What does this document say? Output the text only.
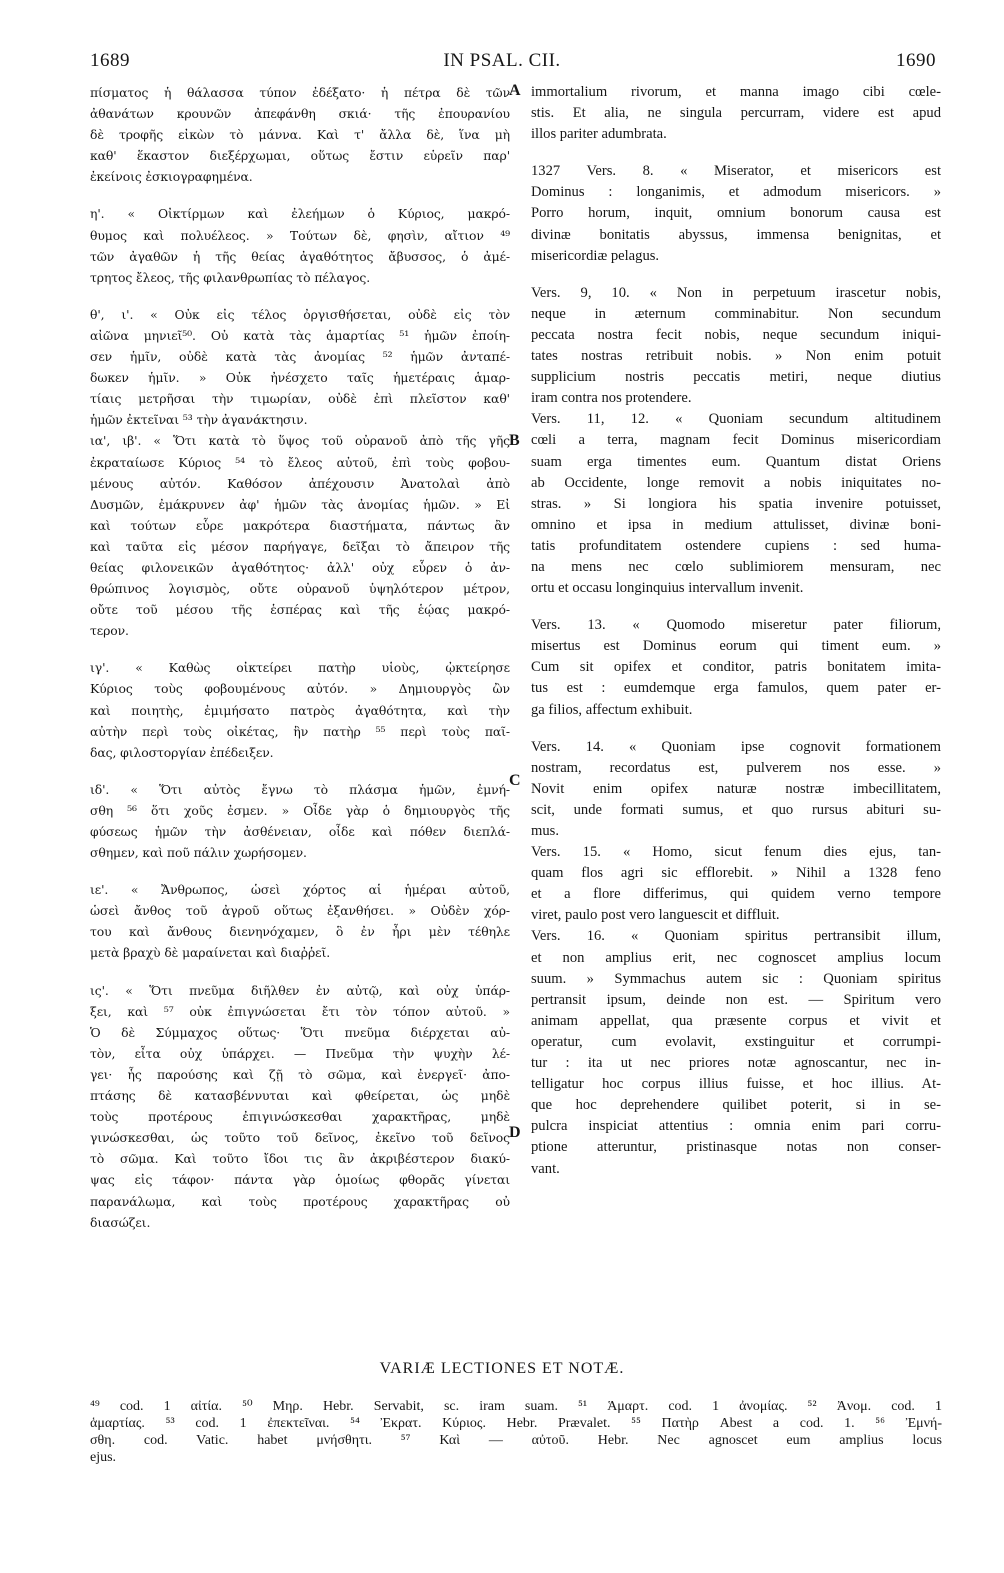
1689	IN PSAL. CII.	1690
πίσματος ἡ θάλασσα τύπον ἐδέξατο· ἡ πέτρα δὲ τῶν
ἀθανάτων κρουνῶν ἀπεφάνθη σκιά· τῆς ἐπουρανίου
δὲ τροφῆς εἰκὼν τὸ μάννα. Καὶ τ' ἄλλα δὲ, ἵνα μὴ
καθ' ἕκαστον διεξέρχωμαι, οὕτως ἔστιν εὑρεῖν παρ'
ἐκείνοις ἐσκιογραφημένα.
η'. « Οἰκτίρμων καὶ ἐλεήμων ὁ Κύριος, μακρό-
θυμος καὶ πολυέλεος. » Τούτων δὲ, φησὶν, αἴτιον ⁴⁹
τῶν ἀγαθῶν ἡ τῆς θείας ἀγαθότητος ἄβυσσος, ὁ ἀμέ-
τρητος ἔλεος, τῆς φιλανθρωπίας τὸ πέλαγος.
θ', ι'. « Οὐκ εἰς τέλος ὀργισθήσεται, οὐδὲ εἰς τὸν
αἰῶνα μηνιεῖ⁵⁰. Οὐ κατὰ τὰς ἁμαρτίας ⁵¹ ἡμῶν ἐποίη-
σεν ἡμῖν, οὐδὲ κατὰ τὰς ἀνομίας ⁵² ἡμῶν ἀνταπέ-
δωκεν ἡμῖν. » Οὐκ ἠνέσχετο ταῖς ἡμετέραις ἁμαρ-
τίαις μετρῆσαι τὴν τιμωρίαν, οὐδὲ ἐπὶ πλεῖστον καθ'
ἡμῶν ἐκτεῖναι ⁵³ τὴν ἀγανάκτησιν.
ια', ιβ'. « Ὅτι κατὰ τὸ ὕψος τοῦ οὐρανοῦ ἀπὸ τῆς γῆς
ἐκραταίωσε Κύριος ⁵⁴ τὸ ἔλεος αὐτοῦ, ἐπὶ τοὺς φοβου-
μένους αὐτόν. Καθόσον ἀπέχουσιν Ἀνατολαὶ ἀπὸ
Δυσμῶν, ἐμάκρυνεν ἀφ' ἡμῶν τὰς ἀνομίας ἡμῶν. » Εἰ
καὶ τούτων εὗρε μακρότερα διαστήματα, πάντως ἂν
καὶ ταῦτα εἰς μέσον παρήγαγε, δεῖξαι τὸ ἄπειρον τῆς
θείας φιλονεικῶν ἀγαθότητος· ἀλλ' οὐχ εὗρεν ὁ ἀν-
θρώπινος λογισμὸς, οὔτε οὐρανοῦ ὑψηλότερον μέτρον,
οὔτε τοῦ μέσου τῆς ἑσπέρας καὶ τῆς ἑῴας μακρό-
τερον.
ιγ'. « Καθὼς οἰκτείρει πατὴρ υἱοὺς, ᾠκτείρησε
Κύριος τοὺς φοβουμένους αὐτόν. » Δημιουργὸς ὢν
καὶ ποιητὴς, ἐμιμήσατο πατρὸς ἀγαθότητα, καὶ τὴν
αὐτὴν περὶ τοὺς οἰκέτας, ἣν πατὴρ ⁵⁵ περὶ τοὺς παῖ-
δας, φιλοστοργίαν ἐπέδειξεν.
ιδ'. « Ὅτι αὐτὸς ἔγνω τὸ πλάσμα ἡμῶν, ἐμνή-
σθη ⁵⁶ ὅτι χοῦς ἐσμεν. » Οἶδε γὰρ ὁ δημιουργὸς τῆς
φύσεως ἡμῶν τὴν ἀσθένειαν, οἶδε καὶ πόθεν διεπλά-
σθημεν, καὶ ποῦ πάλιν χωρήσομεν.
ιε'. « Ἄνθρωπος, ὡσεὶ χόρτος αἱ ἡμέραι αὐτοῦ,
ὡσεὶ ἄνθος τοῦ ἀγροῦ οὕτως ἐξανθήσει. » Οὐδὲν χόρ-
του καὶ ἄνθους διενηνόχαμεν, ὃ ἐν ἦρι μὲν τέθηλε
μετὰ βραχὺ δὲ μαραίνεται καὶ διαῤῥεῖ.
ις'. « Ὅτι πνεῦμα διῆλθεν ἐν αὐτῷ, καὶ οὐχ ὑπάρ-
ξει, καὶ ⁵⁷ οὐκ ἐπιγνώσεται ἔτι τὸν τόπον αὐτοῦ. »
Ὁ δὲ Σύμμαχος οὕτως· Ὅτι πνεῦμα διέρχεται αὐ-
τὸν, εἶτα οὐχ ὑπάρχει. — Πνεῦμα τὴν ψυχὴν λέ-
γει· ἧς παρούσης καὶ ζῇ τὸ σῶμα, καὶ ἐνεργεῖ· ἀπο-
πτάσης δὲ κατασβέννυται καὶ φθείρεται, ὡς μηδὲ
τοὺς προτέρους ἐπιγινώσκεσθαι χαρακτῆρας, μηδὲ
γινώσκεσθαι, ὡς τοῦτο τοῦ δεῖνος, ἐκεῖνο τοῦ δεῖνος
τὸ σῶμα. Καὶ τοῦτο ἴδοι τις ἂν ἀκριβέστερον διακύ-
ψας εἰς τάφον· πάντα γὰρ ὁμοίως φθορᾶς γίνεται
παρανάλωμα, καὶ τοὺς προτέρους χαρακτῆρας οὐ
διασώζει.
immortalium rivorum, et manna imago cibi cœle-
stis. Et alia, ne singula percurram, videre est apud
illos pariter adumbrata.
1327 Vers. 8. « Miserator, et misericors est
Dominus : longanimis, et admodum misericors. »
Porro horum, inquit, omnium bonorum causa est
divinæ bonitatis abyssus, immensa benignitas, et
misericordiæ pelagus.
Vers. 9, 10. « Non in perpetuum irascetur nobis,
neque in æternum comminabitur. Non secundum
peccata nostra fecit nobis, neque secundum iniqui-
tates nostras retribuit nobis. » Non enim potuit
supplicium nostris peccatis metiri, neque diutius
iram contra nos protendere.
Vers. 11, 12. « Quoniam secundum altitudinem
cœli a terra, magnam fecit Dominus misericordiam
suam erga timentes eum. Quantum distat Oriens
ab Occidente, longe removit a nobis iniquitates no-
stras. » Si longiora his spatia invenire potuisset,
omnino et ipsa in medium attulisset, divinæ boni-
tatis profunditatem ostendere cupiens : sed huma-
na mens nec cœlo sublimiorem mensuram, nec
ortu et occasu longinquius intervallum invenit.
Vers. 13. « Quomodo miseretur pater filiorum,
misertus est Dominus eorum qui timent eum. »
Cum sit opifex et conditor, patris bonitatem imita-
tus est : eumdemque erga famulos, quem pater er-
ga filios, affectum exhibuit.
Vers. 14. « Quoniam ipse cognovit formationem
nostram, recordatus est, pulverem nos esse. »
Novit enim opifex naturæ nostræ imbecillitatem,
scit, unde formati sumus, et quo rursus abituri su-
mus.
Vers. 15. « Homo, sicut fenum dies ejus, tan-
quam flos agri sic efflorebit. » Nihil a 1328 feno
et a flore differimus, qui quidem verno tempore
viret, paulo post vero languescit et diffluit.
Vers. 16. « Quoniam spiritus pertransibit illum,
et non amplius erit, nec cognoscet amplius locum
suum. » Symmachus autem sic : Quoniam spiritus
pertransit ipsum, deinde non est. — Spiritum vero
animam appellat, qua præsente corpus et vivit et
operatur, cum evolavit, exstinguitur et corrumpi-
tur : ita ut nec priores notæ agnoscantur, nec in-
telligatur hoc corpus illius fuisse, et hoc illius. At-
que hoc deprehendere quilibet poterit, si in se-
pulcra inspiciat attentius : omnia enim pari corru-
ptione atteruntur, pristinasque notas non conser-
vant.
A
B
C
D
VARIÆ LECTIONES ET NOTÆ.
⁴⁹ cod. 1 αἰτία. ⁵⁰ Μηρ. Hebr. Servabit, sc. iram suam. ⁵¹ Ἁμαρτ. cod. 1 ἀνομίας. ⁵² Ἀνομ. cod. 1
ἁμαρτίας. ⁵³ cod. 1 ἐπεκτεῖναι. ⁵⁴ Ἐκρατ. Κύριος. Hebr. Prævalet. ⁵⁵ Πατὴρ Abest a cod. 1. ⁵⁶ Ἐμνή-
σθη. cod. Vatic. habet μνήσθητι. ⁵⁷ Καὶ — αὐτοῦ. Hebr. Nec agnoscet eum amplius locus
ejus.
